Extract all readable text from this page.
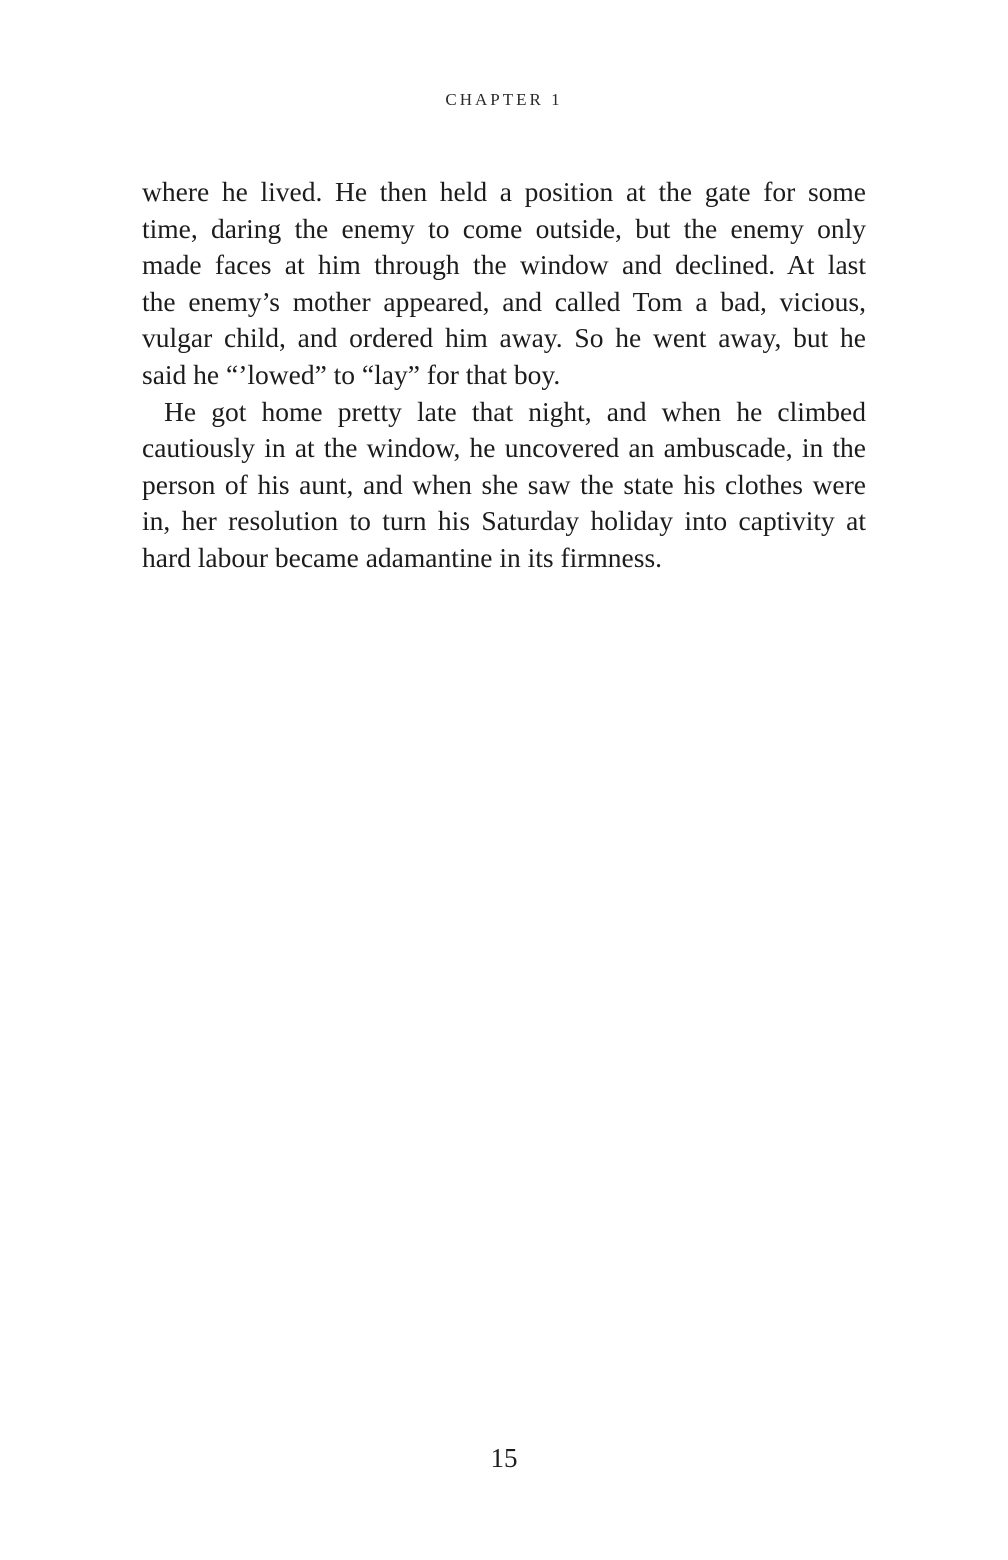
CHAPTER 1

where he lived. He then held a position at the gate for some
time, daring the enemy to come outside, but the enemy only
made faces at him through the window and declined. At last
the enemy’s mother appeared, and called Tom a bad, vicious,
vulgar child, and ordered him away. So he went away, but he
said he “’lowed” to “lay” for that boy.

He got home pretty late that night, and when he climbed
cautiously in at the window, he uncovered an ambuscade, in the
person of his aunt, and when she saw the state his clothes were
in, her resolution to turn his Saturday holiday into captivity at
hard labour became adamantine in its firmness.

15
